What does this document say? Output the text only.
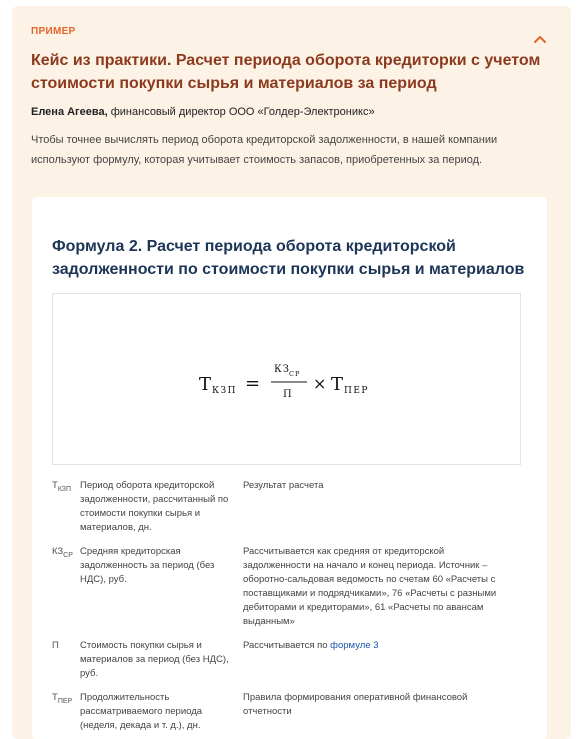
ПРИМЕР
Кейс из практики. Расчет периода оборота кредиторки с учетом стоимости покупки сырья и материалов за период
Елена Агеева, финансовый директор ООО «Голдер-Электроникс»
Чтобы точнее вычислять период оборота кредиторской задолженности, в нашей компании используют формулу, которая учитывает стоимость запасов, приобретенных за период.
Формула 2. Расчет периода оборота кредиторской задолженности по стоимости покупки сырья и материалов
Т КЗП =
КЗ СР
П
× Т ПЕР
$Т_{КЗП}$ Период оборота кредиторской задолженности, рассчитанный по стоимости покупки сырья и материалов, дн.
Результат расчета
$КЗ_{СР}$ Средняя кредиторская задолженность за период (без НДС), руб.
Рассчитывается как средняя от кредиторской задолженности на начало и конец периода. Источник – оборотно-сальдовая ведомость по счетам 60 «Расчеты с поставщиками и подрядчиками», 76 «Расчеты с разными дебиторами и кредиторами», 61 «Расчеты по авансам выданным»
П	Стоимость покупки сырья и материалов за период (без НДС), руб.
Рассчитывается по формуле 3
$Т_{ПЕР}$ Продолжительность рассматриваемого периода (неделя, декада и т. д.), дн.
Правила формирования оперативной финансовой отчетности
